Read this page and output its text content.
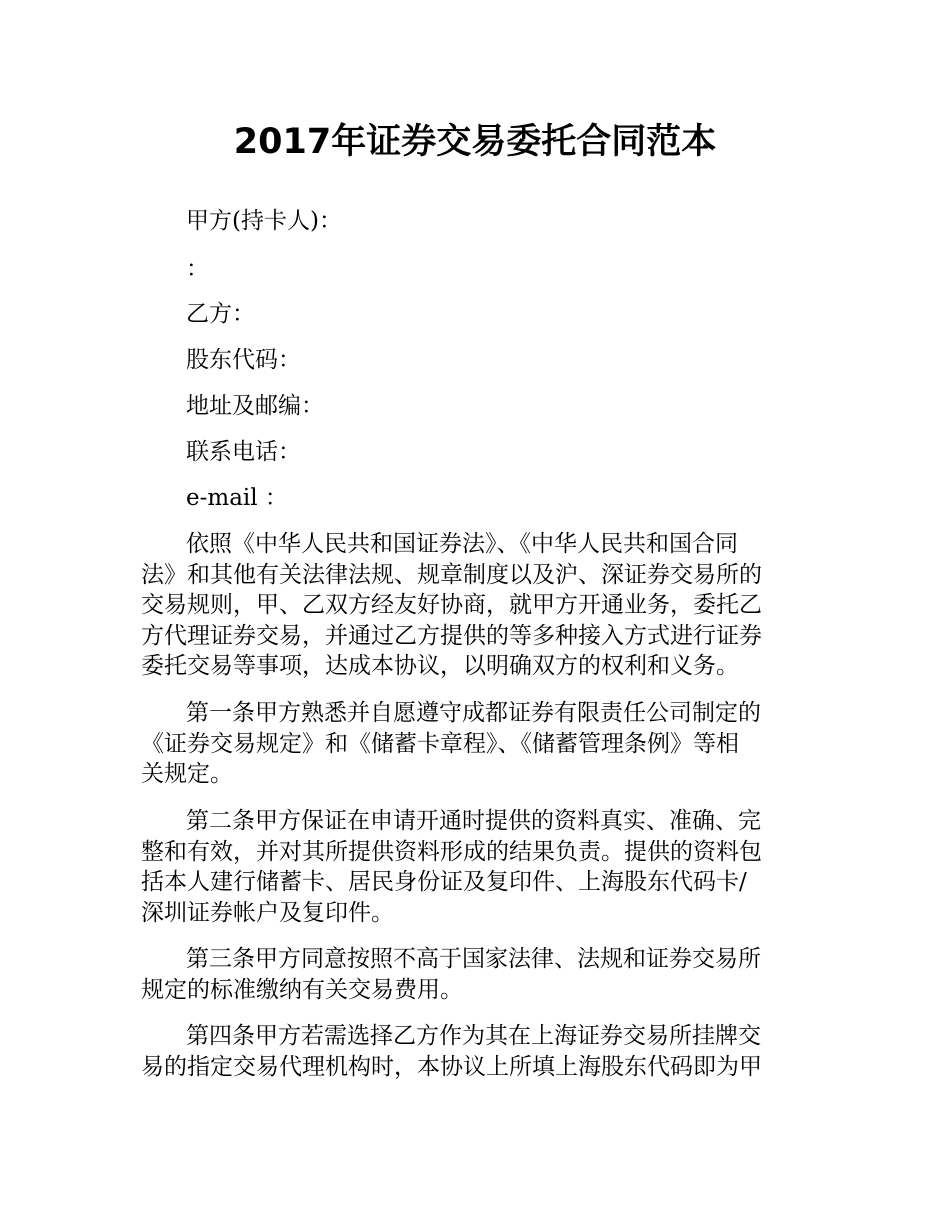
2017年证券交易委托合同范本

甲方(持卡人)：

：

乙方：

股东代码：

地址及邮编：

联系电话：

e-mail ：

依照《中华人民共和国证券法》、《中华人民共和国合同
法》和其他有关法律法规、规章制度以及沪、深证券交易所的
交易规则，甲、乙双方经友好协商，就甲方开通业务，委托乙
方代理证券交易，并通过乙方提供的等多种接入方式进行证券
委托交易等事项，达成本协议，以明确双方的权利和义务。

第一条甲方熟悉并自愿遵守成都证券有限责任公司制定的
《证券交易规定》和《储蓄卡章程》、《储蓄管理条例》等相
关规定。

第二条甲方保证在申请开通时提供的资料真实、准确、完
整和有效，并对其所提供资料形成的结果负责。提供的资料包
括本人建行储蓄卡、居民身份证及复印件、上海股东代码卡/
深圳证券帐户及复印件。

第三条甲方同意按照不高于国家法律、法规和证券交易所
规定的标准缴纳有关交易费用。

第四条甲方若需选择乙方作为其在上海证券交易所挂牌交
易的指定交易代理机构时，本协议上所填上海股东代码即为甲
